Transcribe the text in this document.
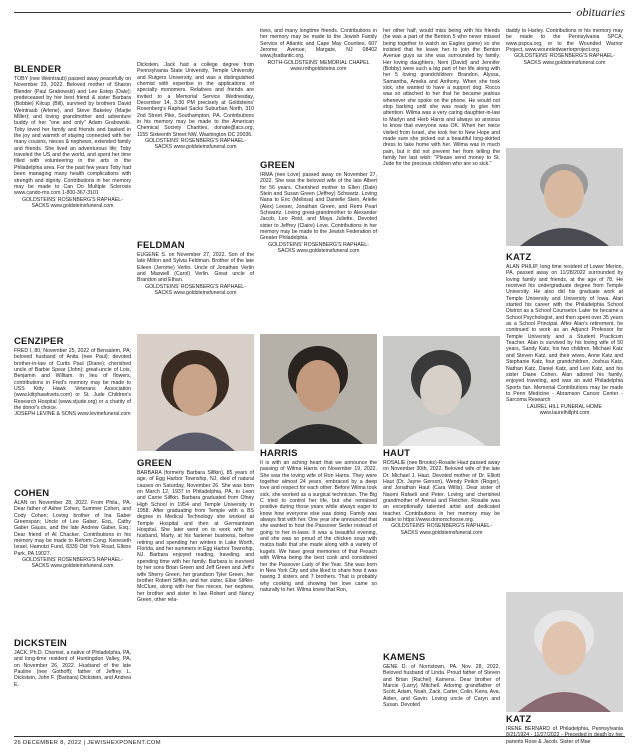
obituaries
BLENDER

TOBY (nee Weintraub) passed away peacefully on November 23, 2022. Beloved mother of Sharon Blender (Paul Grabowski) and Lee Estep (Dale); predeceased by her best friend & sister Barbara (Bobbie) Kilcup (Bill), survived by brothers David Weintraub (Arlene), and Steve Bakeley (Marjie Miller); and loving grandmother and adventure buddy of her "one and only" Adam Grabowski. Toby loved her family and friends and basked in the joy and warmth of staying connected with her many cousins, nieces & nephews, extended family and friends. She lived an adventurous life; Toby traveled the US and the world, and spent her time filled with volunteering in the arts in the Philadelphia area. For the past few years Toby had been managing many health complications with strength and dignity. Contributions in her memory may be made to Can Do Multiple Sclerosis www.cando-ms.com 1-800-367-3101

GOLDSTEINS' ROSENBERG'S RAPHAEL-SACKS www.goldsteinsfuneral.com

CENZIPER

FRED I, 80, November 25, 2022 of Bensalem, PA; beloved husband of Anita (nee Paul); devoted brother-in-law of Curtis Paul (Diane); cherished uncle of Barbie Spear (John); great-uncle of Lois, Benjamin and William. In lieu of flowers, contributions in Fred's memory may be made to USS Kitty Hawk Veterans Association (www.kittyhawkvets.com) or St. Jude Children's Research Hospital (www.stjude.org) or a charity of the donor's choice.

JOSEPH LEVINE & SONS www.levinefuneral.com

COHEN

ALAN on November 28, 2022. From Phila., PA. Dear father of Asher Cohen, Summer Cohen, and Cody Cohen; Loving brother of Ina Gaber Greenspan; Uncle of Lee Gaber, Esq., Cathy Gaber Gauss, and the late Andrew Gaber, Esq.; Dear friend of Al Chacker. Contributions in his memory may be made to Reform Cong. Keneseth Israel, Hamotzi Fund, 8339 Old York Road, Elkins Park, PA 19027.

GOLDSTEINS' ROSENBERG'S RAPHAEL-SACKS www.goldsteinsfuneral.com

DICKSTEIN

JACK, Ph.D. Chemist, a native of Philadelphia, PA, and long-time resident of Huntingdon Valley, PA, on November 26, 2022. Husband of the late Pauline (nee Gothoff); father of Jeffrey L. Dickstein, John F. (Barbara) Dickstein, and Andrea E.

Dickstein. Jack had a college degree from Pennsylvania State University, Temple University and Rutgers University, and was a distinguished chemist with expertise in the applications of specialty monomers. Relatives and friends are invited to a Memorial Service Wednesday, December 14, 3:30 PM precisely at Goldsteins' Rosenberg's Raphael Sacks Suburban North, 310 2nd Street Pike, Southampton, PA. Contributions in his memory may be made to the American Chemical Society Charities, donate@acs.org, 1155 Sixteenth Street NW, Washington DC 20036.

GOLDSTEINS' ROSENBERG'S RAPHAEL-SACKS www.goldsteinsfuneral.com

FELDMAN

EUGENE S. on November 27, 2022. Son of the late Milton and Sylvia Feldman. Brother of the late Eileen (Jerome) Verlin. Uncle of Jonathan Verlin and Maxwell (Carol) Verlin. Great uncle of Brandon and Ethan.

GOLDSTEINS' ROSENBERG'S RAPHAEL-SACKS www.goldsteinsfuneral.com

GREEN

BARBARA (formerly Barbara Silfkin), 85 years of age, of Egg Harbor Township, NJ, died of natural causes on Saturday, November 26. She was born on March 12, 1937 in Philadelphia, PA, to Leon and Carrie Silfkin. Barbara graduated from Olney High School in 1954 and Temple University in 1958. After graduating from Temple with a BS degree in Medical Technology she worked at Temple Hospital and then at Germantown Hospital. She later went on to work with her husband, Marty, at his fastener business, before retiring and spending her winters in Lake Worth, Florida, and her summers in Egg Harbor Township, NJ. Barbara enjoyed reading, traveling, and spending time with her family. Barbara is survived by her sons Brian Green and Jeff Green and Jeff's wife Sherry Green, her grandson Tyler Green, her brother Robert Silfkin, and her sister, Elise Silfkin-McClure, along with her five nieces, her nephew, her brother and sister in law Robert and Nancy Green, other rela-

tives, and many longtime friends. Contributions in her memory may be made to the Jewish Family Service of Atlantic and Cape May Counties, 607 Jerome Avenue, Margate, NJ 08402 www.jfsatlantic.org.

ROTH-GOLDSTEINS' MEMORIAL CHAPEL www.rothgoldsteins.com

GREEN

IRMA (nee Love) passed away on November 27, 2022. She was the beloved wife of the late Albert for 56 years. Cherished mother to Ellen (Dale) Stein and Susan Green (Jeffrey) Schwartz. Loving Nana to Eric (Melissa) and Danielle Stein, Arielle (Alex) Leeser, Jonathan Green, and Remi Pearl Schwartz. Loving great-grandmother to Alexander Jacob, Leo Reid, and Maya Juliette. Devoted sister to Jeffrey (Claire) Love. Contributions in her memory may be made to the Jewish Federation of Greater Philadelphia.

GOLDSTEINS' ROSENBERG'S RAPHAEL-SACKS www.goldsteinsfuneral.com

HARRIS

It is with an aching heart that we announce the passing of Wilma Harris on November 19, 2022. She was the loving wife of Ron Harris. They were together almost 24 years, embraced by a deep love and respect for each other. Before Wilma took sick, she worked as a surgical technician. The Big C tried to control her life, but she remained positive during those years while always eager to know how everyone else was doing. Family was always first with her. One year she announced that she wanted to host the Passover Seder instead of going to her in-laws. It was a beautiful evening, and she was so proud of the chicken soup with matza balls that she made along with a variety of kugels. We have great memories of that Pesach with Wilma being the best cook and considered her the Passover Lady of the Year. She was born in New York City and she liked to share how it was having 3 sisters and 7 brothers. That is probably why cooking and showing her love came so naturally to her. Wilma knew that Ron,

her other half, would miss being with his friends (he was a part of the Benton 5 who never missed being together to watch an Eagles game) so she insisted that he leave her to join the Benton Avenue guys as she was surrounded by family. Her loving daughters, Neni (David) and Jennifer (Bobby) were such a big part of her life along with her 5 loving grandchildren: Brandon, Alyssa, Samantha, Amelia and Anthony. When she took sick, she wanted to have a support dog. Rocco was so attached to her that he became jealous whenever she spoke on the phone. He would not stop barking until she was ready to give him attention. Wilma was a very caring daughter-in-law to Marlyn and Herb Harris and always so anxious to know that everyone was OK. When her niece visited from Israel, she took her to New Hope and made sure she picked out a beautiful long-skirted dress to take home with her. Wilma was in much pain, but it did not prevent her from telling the family her last wish: "Please send money to St. Jude for the precious children who are so sick."

HAUT

ROSALIE (nee Brooks)-Rosalie Haut passed away on November 30th, 2022. Beloved wife of the late Dr. Michael J. Haut. Devoted mother of Dr. Elliott Haut (Dr. Jayne Gerson), Wendy Peikin (Roger), and Jonathan Haut (Cara Willis). Dear sister of Naomi Rafaeli and Peter. Loving and cherished grandmother of Arenal and Fletcher. Rosalie was an exceptionally talented artist and dedicated teacher. Contributions in her memory may be made to https://www.donorschoose.org.

GOLDSTEINS' ROSENBERG'S RAPHAEL-SACKS www.goldsteinsfuneral.com

KAMENS

GENE D. of Norristown, PA. Nov. 28, 2022. Beloved husband of Linda. Proud father of Steven and Brian (Rachel) Kamens. Dear brother of Marcie (Larry) Mitchell. Adoring grandfather of Scott, Adam, Noah, Zack, Carter, Colin, Keira, Ava, Aiden, and Gavin. Loving uncle of Caryn and Susan. Devoted

daddy to Harley. Contributions in his memory may be made to the Pennsylvania SPCA, www.pspca.org, or to the Wounded Warrior Project, www.woundedwarriorproject.org

GOLDSTEINS' ROSENBERG'S RAPHAEL-SACKS www.goldsteinsfuneral.com

KATZ

ALAN PHILIP, long time resident of Lower Merion, PA, passed away on 11/28/2022 surrounded by loving family and friends, at the age of 78. He received his undergraduate degree from Temple University. He also did his graduate work at Temple University and University of Iowa. Alan started his career with the Philadelphia School District as a School Counselor. Later he became a School Psychologist, and then spent over 35 years as a School Principal. After Alan's retirement, he continued to work as an Adjunct Professor for Temple University and a Student Practicum Teacher. Alan is survived by his loving wife of 50 years, Sandy Katz, his two children, Michael Katz and Steven Katz, and their wives, Anne Katz and Stephanie Katz, four grandchildren, Joshua Katz, Nathan Katz, Daniel Katz, and Levi Katz, and his sister Diane Cohen. Alan adored his family, enjoyed traveling, and was an avid Philadelphia Sports fan. Memorial Contributions may be made to Penn Medicine - Abramson Cancer Center - Sarcoma Research

LAUREL HILL FUNERAL HOME www.laurelhillphl.com

KATZ

IRENE BERNARD of Philadelphia, Pennsylvania 8/21/1924 - 11/27/2022 - Preceded in death by her parents Rose & Jacob. Sister of Mae

26 DECEMBER 8, 2022 | JEWISHEXPONENT.COM
